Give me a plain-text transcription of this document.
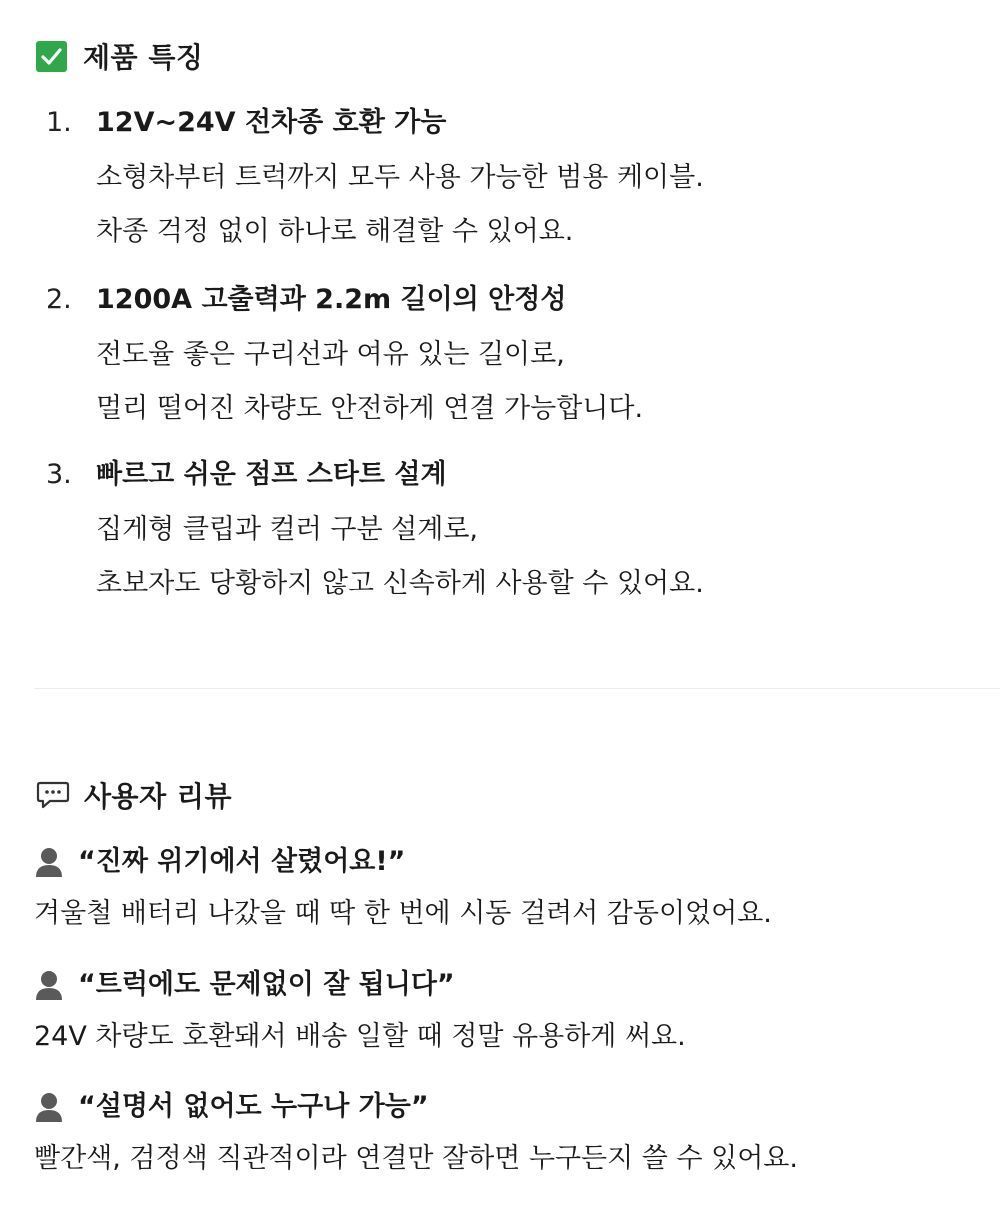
제품 특징
1. 12V~24V 전차종 호환 가능
소형차부터 트럭까지 모두 사용 가능한 범용 케이블.
차종 걱정 없이 하나로 해결할 수 있어요.
2. 1200A 고출력과 2.2m 길이의 안정성
전도율 좋은 구리선과 여유 있는 길이로,
멀리 떨어진 차량도 안전하게 연결 가능합니다.
3. 빠르고 쉬운 점프 스타트 설계
집게형 클립과 컬러 구분 설계로,
초보자도 당황하지 않고 신속하게 사용할 수 있어요.
사용자 리뷰
“진짜 위기에서 살렸어요!”
겨울철 배터리 나갔을 때 딱 한 번에 시동 걸려서 감동이었어요.
“트럭에도 문제없이 잘 됩니다”
24V 차량도 호환돼서 배송 일할 때 정말 유용하게 써요.
“설명서 없어도 누구나 가능”
빨간색, 검정색 직관적이라 연결만 잘하면 누구든지 쓸 수 있어요.
